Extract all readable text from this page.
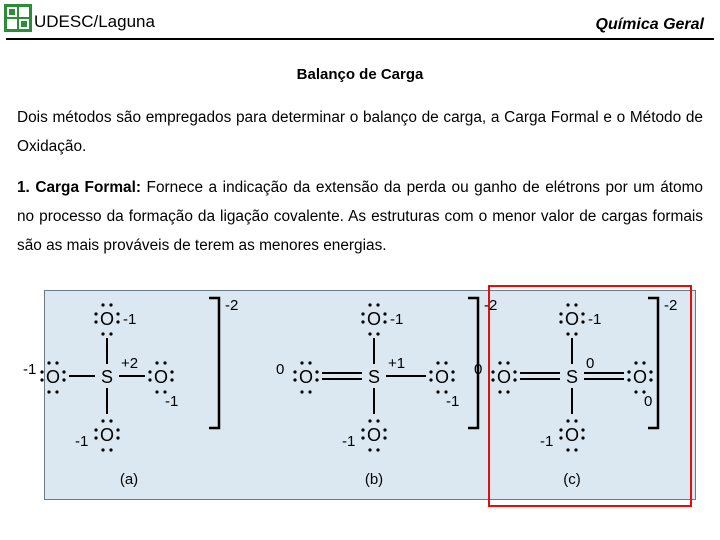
UDESC/Laguna	Química Geral
Balanço de Carga
Dois métodos são empregados para determinar o balanço de carga, a Carga Formal e o Método de Oxidação.
1. Carga Formal: Fornece a indicação da extensão da perda ou ganho de elétrons por um átomo no processo da formação da ligação covalente. As estruturas com o menor valor de cargas formais são as mais prováveis de terem as menores energias.
S
O
O	O
O
+2
-1
-1
-1
-1
-2
(a)
S
O
O	O
O
+1
-1
0
-1
-1
-2
(b)
S
O
O	O
O
0
-1
0
0
-1
-2
(c)
